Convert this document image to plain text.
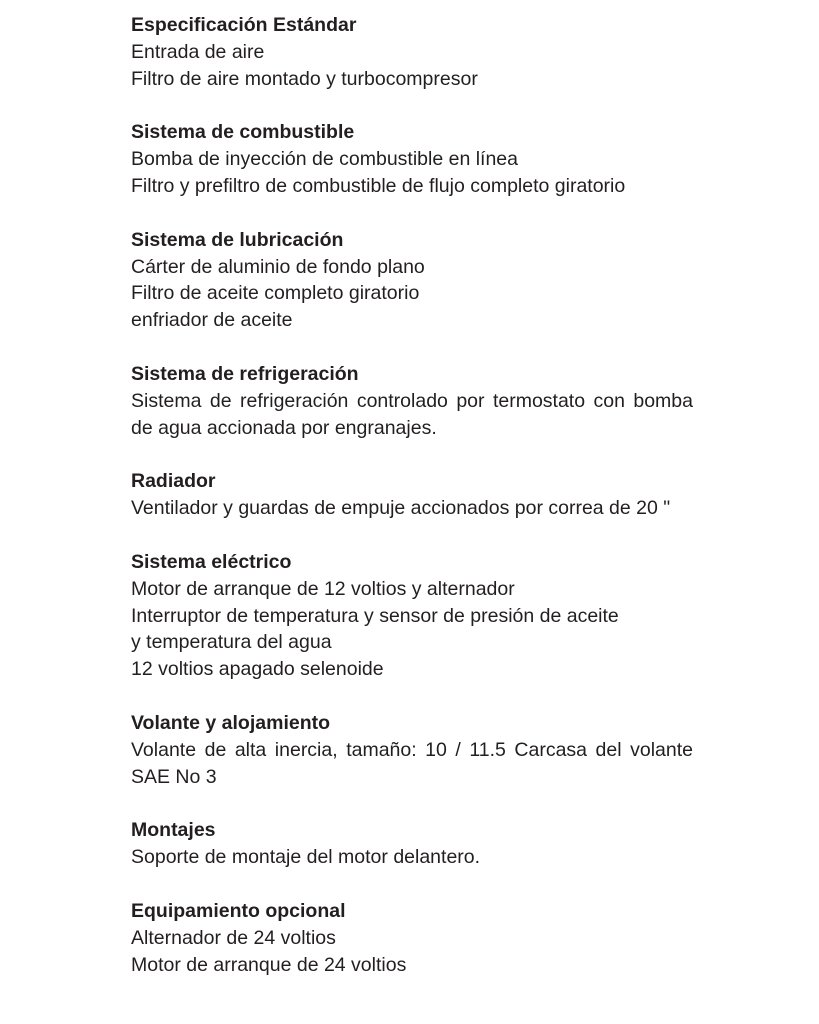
Especificación Estándar
Entrada de aire
Filtro de aire montado y turbocompresor
Sistema de combustible
Bomba de inyección de combustible en línea
Filtro y prefiltro de combustible de flujo completo giratorio
Sistema de lubricación
Cárter de aluminio de fondo plano
Filtro de aceite completo giratorio
enfriador de aceite
Sistema de refrigeración
Sistema de refrigeración controlado por termostato con bomba de agua accionada por engranajes.
Radiador
Ventilador y guardas de empuje accionados por correa de 20 "
Sistema eléctrico
Motor de arranque de 12 voltios y alternador
Interruptor de temperatura y sensor de presión de aceite
y temperatura del agua
12 voltios apagado selenoide
Volante y alojamiento
Volante de alta inercia, tamaño: 10 / 11.5 Carcasa del volante SAE No 3
Montajes
Soporte de montaje del motor delantero.
Equipamiento opcional
Alternador de 24 voltios
Motor de arranque de 24 voltios
